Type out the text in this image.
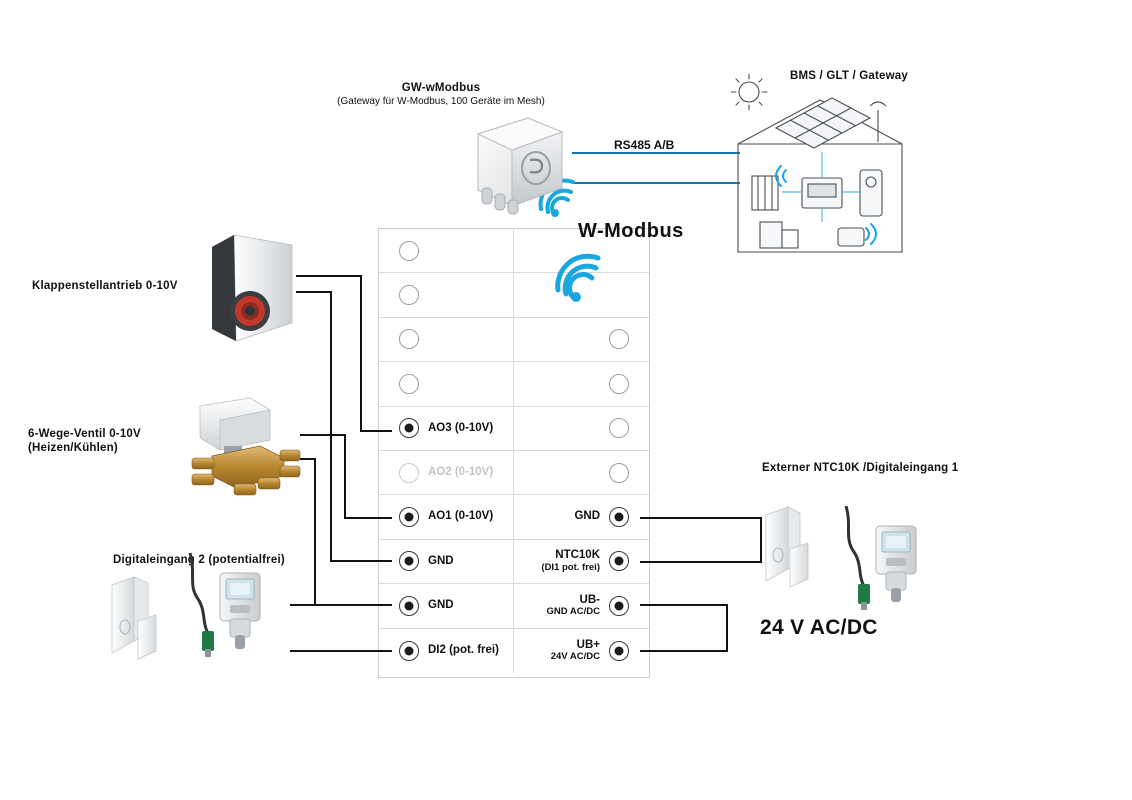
AO3 (0-10V)
AO2 (0-10V)
AO1 (0-10V)	GND
GND	NTC10K
(DI1 pot. frei)
GND	UB-
GND AC/DC
DI2 (pot. frei)	UB+
24V AC/DC
RS485 A/B
W-Modbus
GW-wModbus
(Gateway für W-Modbus, 100 Geräte im Mesh)
BMS / GLT / Gateway
Klappenstellantrieb 0-10V
6-Wege-Ventil 0-10V
(Heizen/Kühlen)
Digitaleingang 2 (potentialfrei)
Externer NTC10K /Digitaleingang 1
24 V AC/DC
